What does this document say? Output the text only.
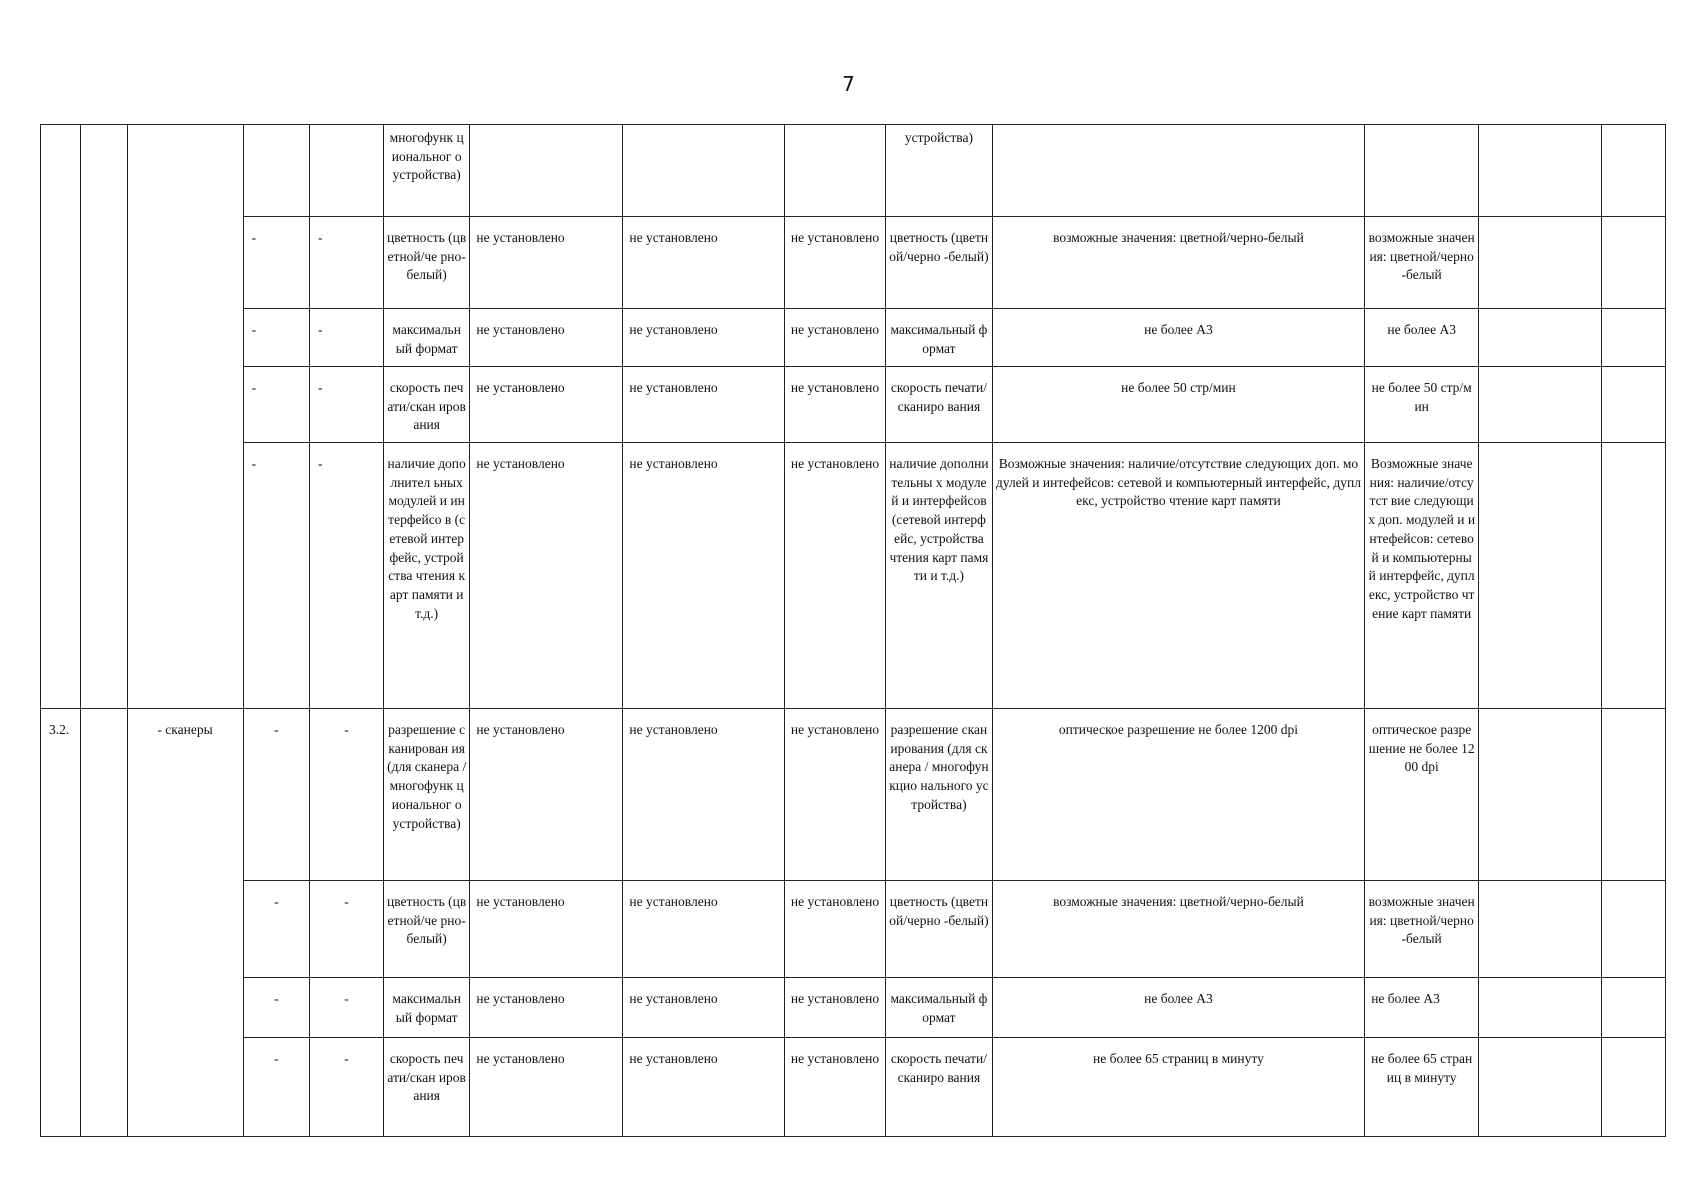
7
					многофунк циональног о устройства)				устройства)				
			-	-	цветность (цветной/че рно-белый)	не установлено	не установлено	не установлено	цветность (цветной/черно -белый)	возможные значения: цветной/черно-белый	возможные значения: цветной/черно-белый		
			-	-	максимальн ый формат	не установлено	не установлено	не установлено	максимальный формат	не более А3	не более А3		
			-	-	скорость печати/скан ирования	не установлено	не установлено	не установлено	скорость печати/сканиро вания	не более 50 стр/мин	не более 50 стр/мин		
			-	-	наличие дополнител ьных модулей и интерфейсо в (сетевой интерфейс, устройства чтения карт памяти и т.д.)	не установлено	не установлено	не установлено	наличие дополнительны х модулей и интерфейсов (сетевой интерфейс, устройства чтения карт памяти и т.д.)	Возможные значения: наличие/отсутствие следующих доп. модулей и интефейсов: сетевой и компьютерный интерфейс, дуплекс, устройство чтение карт памяти	Возможные значения: наличие/отсутст вие следующих доп. модулей и интефейсов: сетевой и компьютерный интерфейс, дуплекс, устройство чтение карт памяти		
3.2.		- сканеры	-	-	разрешение сканирован ия (для сканера / многофунк циональног о устройства)	не установлено	не установлено	не установлено	разрешение сканирования (для сканера / многофункцио нального устройства)	оптическое разрешение не более 1200 dpi	оптическое разрешение не более 1200 dpi		
			-	-	цветность (цветной/че рно-белый)	не установлено	не установлено	не установлено	цветность (цветной/черно -белый)	возможные значения: цветной/черно-белый	возможные значения: цветной/черно-белый		
			-	-	максимальн ый формат	не установлено	не установлено	не установлено	максимальный формат	не более А3	не более А3		
			-	-	скорость печати/скан ирования	не установлено	не установлено	не установлено	скорость печати/сканиро вания	не более 65 страниц в минуту	не более 65 страниц в минуту		
